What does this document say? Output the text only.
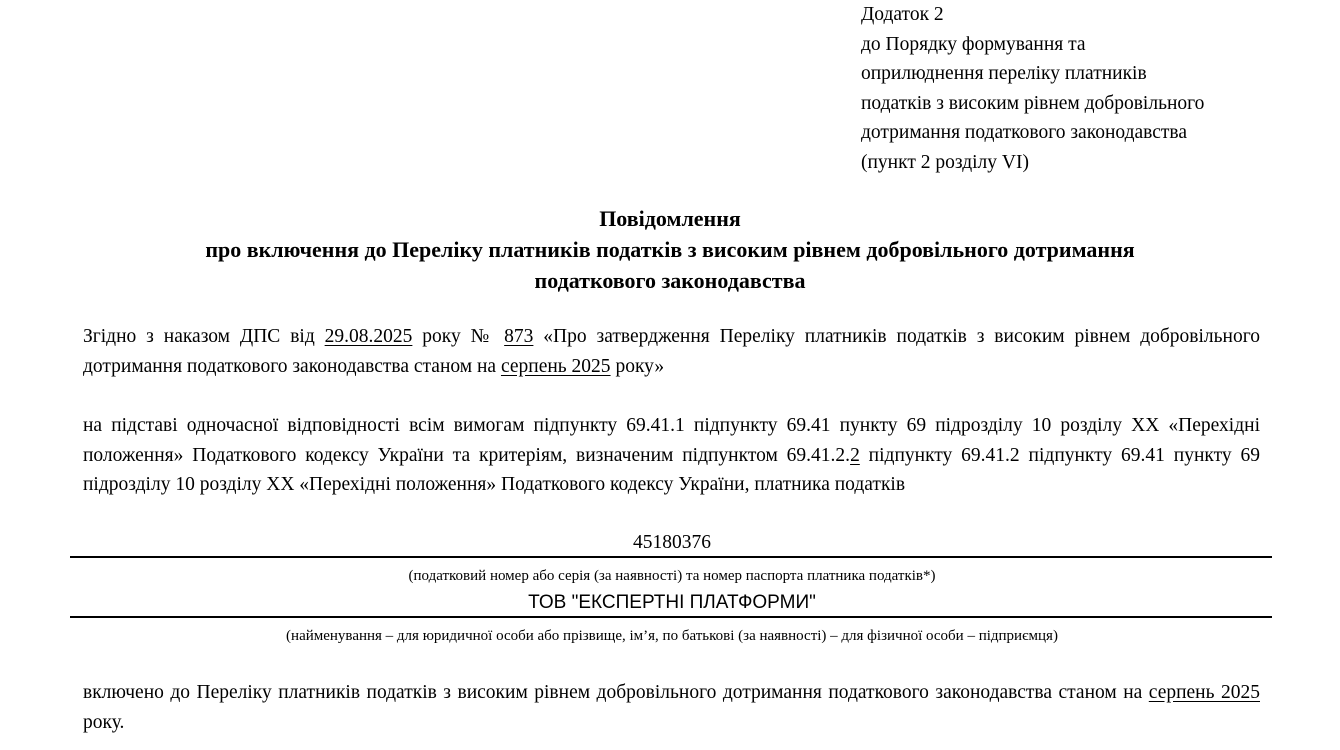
Додаток 2
до Порядку формування та
оприлюднення переліку платників
податків з високим рівнем добровільного
дотримання податкового законодавства
(пункт 2 розділу VI)
Повідомлення
про включення до Переліку платників податків з високим рівнем добровільного дотримання
податкового законодавства
Згідно з наказом ДПС від 29.08.2025 року № 873 «Про затвердження Переліку платників податків з високим рівнем добровільного дотримання податкового законодавства станом на серпень 2025 року»
на підставі одночасної відповідності всім вимогам підпункту 69.41.1 підпункту 69.41 пункту 69 підрозділу 10 розділу XX «Перехідні положення» Податкового кодексу України та критеріям, визначеним підпунктом 69.41.2.2 підпункту 69.41.2 підпункту 69.41 пункту 69 підрозділу 10 розділу XX «Перехідні положення» Податкового кодексу України, платника податків
45180376
(податковий номер або серія (за наявності) та номер паспорта платника податків*)
ТОВ "ЕКСПЕРТНІ ПЛАТФОРМИ"
(найменування – для юридичної особи або прізвище, ім’я, по батькові (за наявності) – для фізичної особи – підприємця)
включено до Переліку платників податків з високим рівнем добровільного дотримання податкового законодавства станом на серпень 2025 року.
